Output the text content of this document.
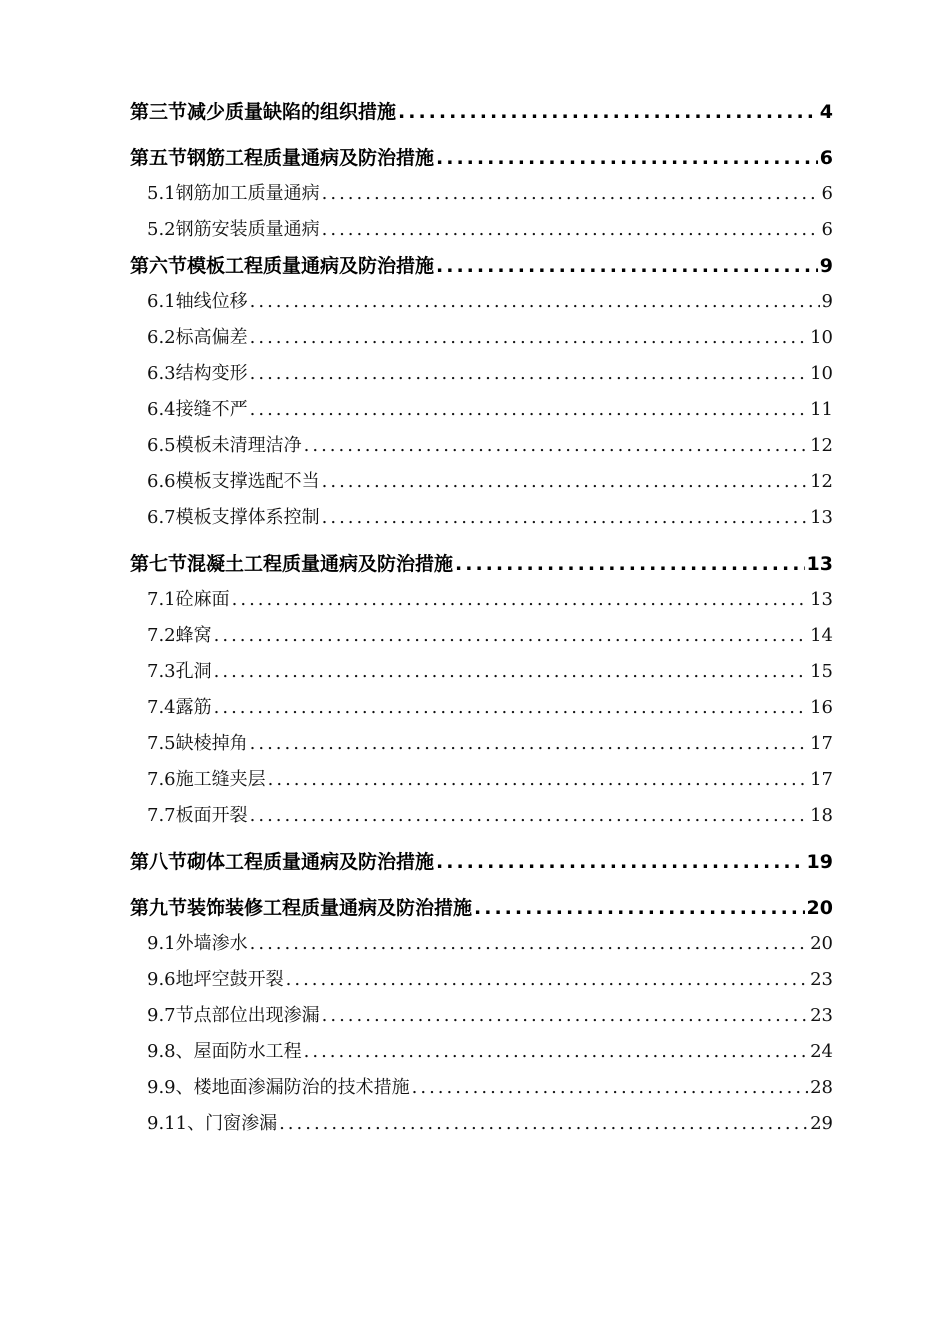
第三节 减少质量缺陷的组织措施 .....	4
第五节 钢筋工程质量通病及防治措施 .....	6
5.1钢筋加工质量通病 .....	6
5.2钢筋安装质量通病 .....	6
第六节 模板工程质量通病及防治措施 .....	9
6.1轴线位移 .....	9
6.2标高偏差 .....	10
6.3结构变形 .....	10
6.4接缝不严 .....	11
6.5模板未清理洁净 .....	12
6.6模板支撑选配不当 .....	12
6.7模板支撑体系控制 .....	13
第七节 混凝土工程质量通病及防治措施 .....	13
7.1砼麻面 .....	13
7.2蜂窝 .....	14
7.3孔洞 .....	15
7.4露筋 .....	16
7.5缺棱掉角 .....	17
7.6施工缝夹层 .....	17
7.7板面开裂 .....	18
第八节 砌体工程质量通病及防治措施 .....	19
第九节 装饰装修工程质量通病及防治措施 .....	20
9.1外墙渗水 .....	20
9.6地坪空鼓开裂 .....	23
9.7节点部位出现渗漏 .....	23
9.8、屋面防水工程 .....	24
9.9、楼地面渗漏防治的技术措施 .....	28
9.11、门窗渗漏 .....	29
